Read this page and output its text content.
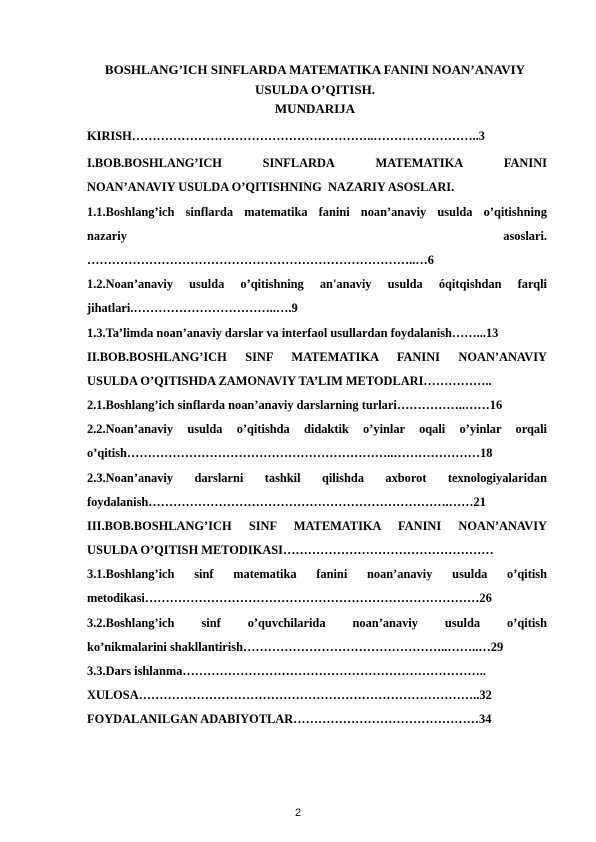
BOSHLANG’ICH SINFLARDA MATEMATIKA FANINI NOAN’ANAVIY
USULDA O’QITISH.
MUNDARIJA
KIRISH…………………………………………………..……………………..3
I.BOB.BOSHLANG’ICH	SINFLARDA	MATEMATIKA	FANINI
NOAN’ANAVIY USULDA O’QITISHNING  NAZARIY ASOSLARI.
1.1.Boshlang’ich sinflarda matematika fanini noan’anaviy usulda o’qitishning
nazariy	asoslari.
……………………………………………………………………..…6
1.2.Noan’anaviy usulda o’qitishning an'anaviy usulda óqitqishdan farqli
jihatlari.……………………………..….9
1.3.Ta’limda noan’anaviy darslar va interfaol usullardan foydalanish……...13
II.BOB.BOSHLANG’ICH SINF MATEMATIKA FANINI NOAN’ANAVIY
USULDA O’QITISHDA ZAMONAVIY TA’LIM METODLARI……………..
2.1.Boshlang’ich sinflarda noan’anaviy darslarning turlari……………..……16
2.2.Noan’anaviy usulda o’qitishda didaktik o’yinlar oqali o’yinlar orqali
o’qitish………………………………………………………..…………………18
2.3.Noan’anaviy darslarni tashkil qilishda axborot texnologiyalaridan
foydalanish……………………………………………………………….……21
III.BOB.BOSHLANG’ICH SINF MATEMATIKA FANINI NOAN’ANAVIY
USULDA O’QITISH METODIKASI……………………………………………
3.1.Boshlang’ich sinf matematika fanini noan’anaviy usulda o’qitish
metodikasi………………………………………………………………………26
3.2.Boshlang’ich sinf o’quvchilarida noan’anaviy usulda o’qitish
ko’nikmalarini shakllantirish…………………………………………..……..…29
3.3.Dars ishlanma………………………………………………………………..
XULOSA………………………………………………………………………..32
FOYDALANILGAN ADABIYOTLAR………………………………………34
2
